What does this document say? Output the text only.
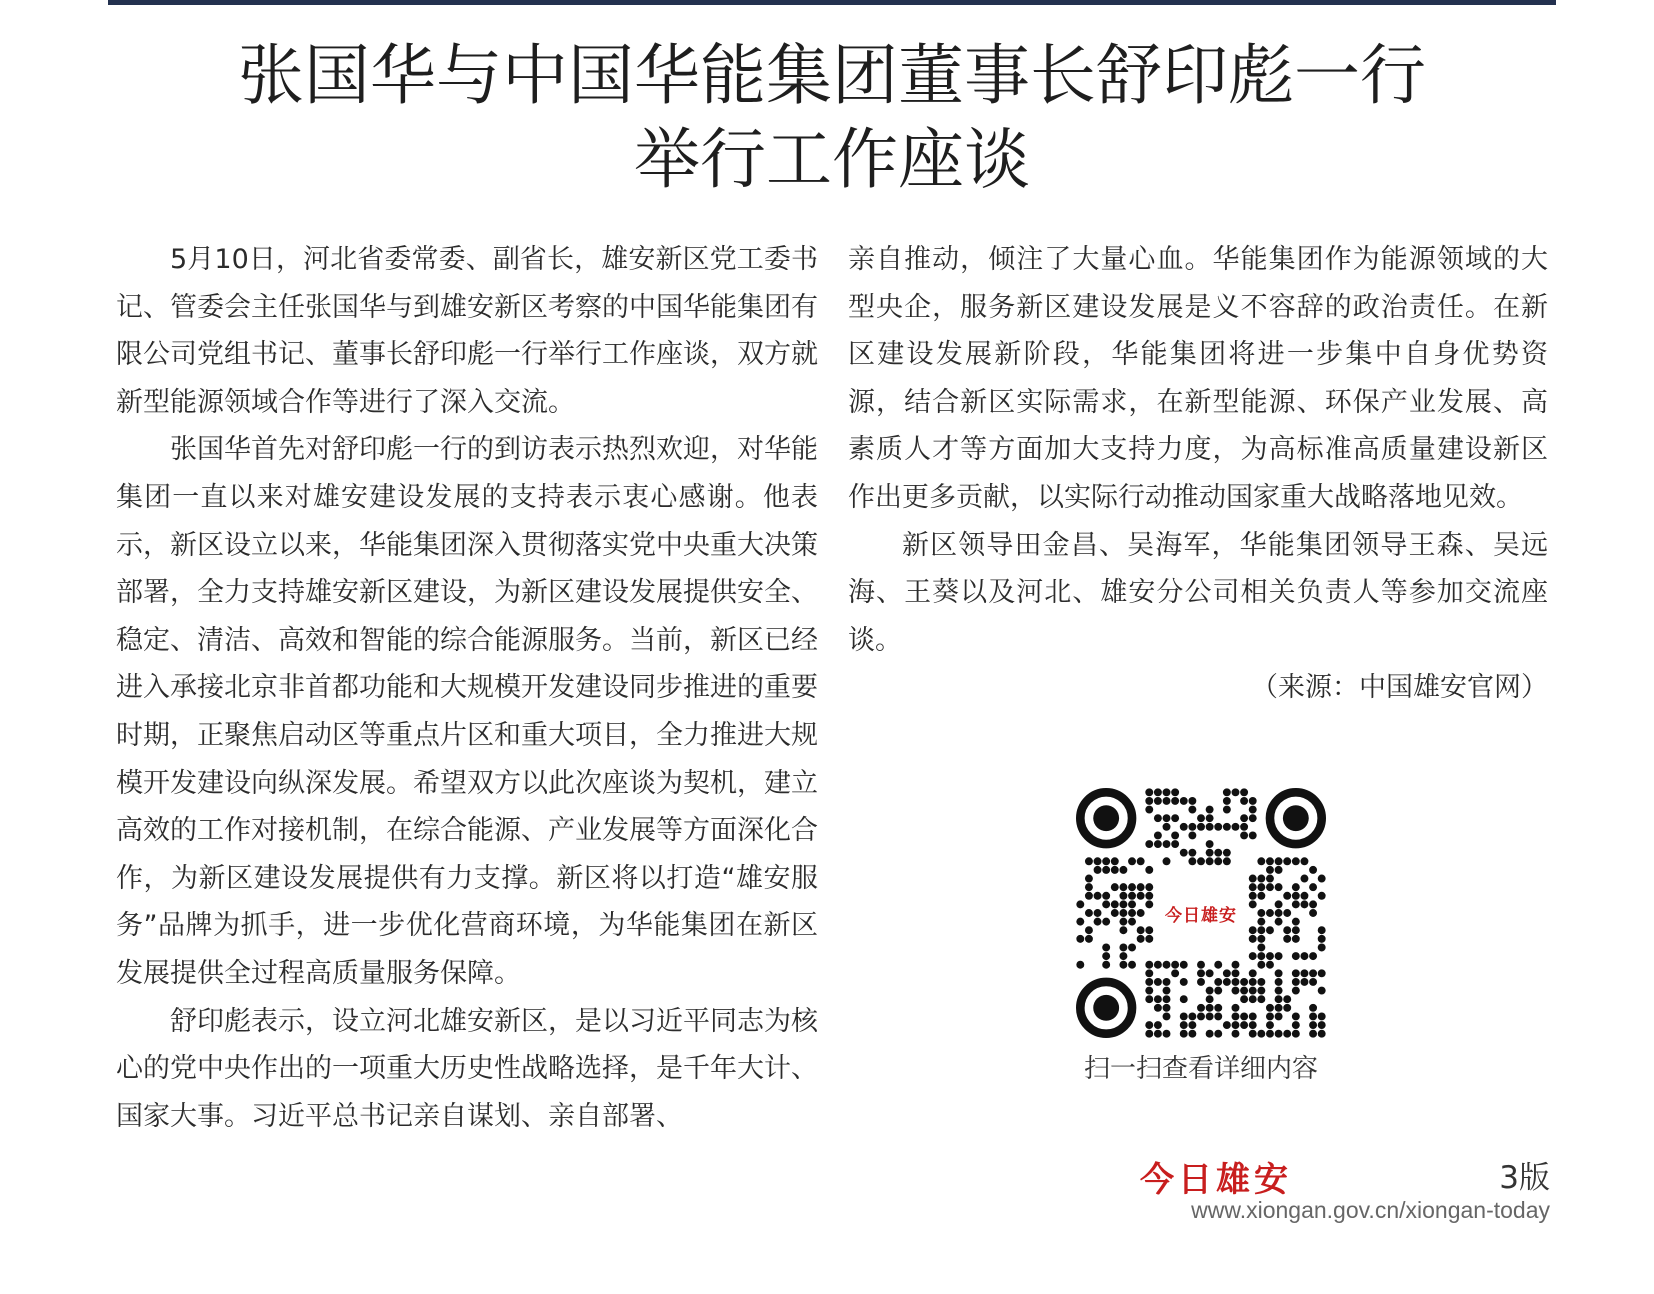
张国华与中国华能集团董事长舒印彪一行
举行工作座谈

5月10日，河北省委常委、副省长，雄安新区党工委书记、管委会主任张国华与到雄安新区考察的中国华能集团有限公司党组书记、董事长舒印彪一行举行工作座谈，双方就新型能源领域合作等进行了深入交流。

张国华首先对舒印彪一行的到访表示热烈欢迎，对华能集团一直以来对雄安建设发展的支持表示衷心感谢。他表示，新区设立以来，华能集团深入贯彻落实党中央重大决策部署，全力支持雄安新区建设，为新区建设发展提供安全、稳定、清洁、高效和智能的综合能源服务。当前，新区已经进入承接北京非首都功能和大规模开发建设同步推进的重要时期，正聚焦启动区等重点片区和重大项目，全力推进大规模开发建设向纵深发展。希望双方以此次座谈为契机，建立高效的工作对接机制，在综合能源、产业发展等方面深化合作，为新区建设发展提供有力支撑。新区将以打造“雄安服务”品牌为抓手，进一步优化营商环境，为华能集团在新区发展提供全过程高质量服务保障。

舒印彪表示，设立河北雄安新区，是以习近平同志为核心的党中央作出的一项重大历史性战略选择，是千年大计、国家大事。习近平总书记亲自谋划、亲自部署、

亲自推动，倾注了大量心血。华能集团作为能源领域的大型央企，服务新区建设发展是义不容辞的政治责任。在新区建设发展新阶段，华能集团将进一步集中自身优势资源，结合新区实际需求，在新型能源、环保产业发展、高素质人才等方面加大支持力度，为高标准高质量建设新区作出更多贡献，以实际行动推动国家重大战略落地见效。

新区领导田金昌、吴海军，华能集团领导王森、吴远海、王葵以及河北、雄安分公司相关负责人等参加交流座谈。
（来源：中国雄安官网）

今日雄安
扫一扫查看详细内容
今日雄安	3版
www.xiongan.gov.cn/xiongan-today
